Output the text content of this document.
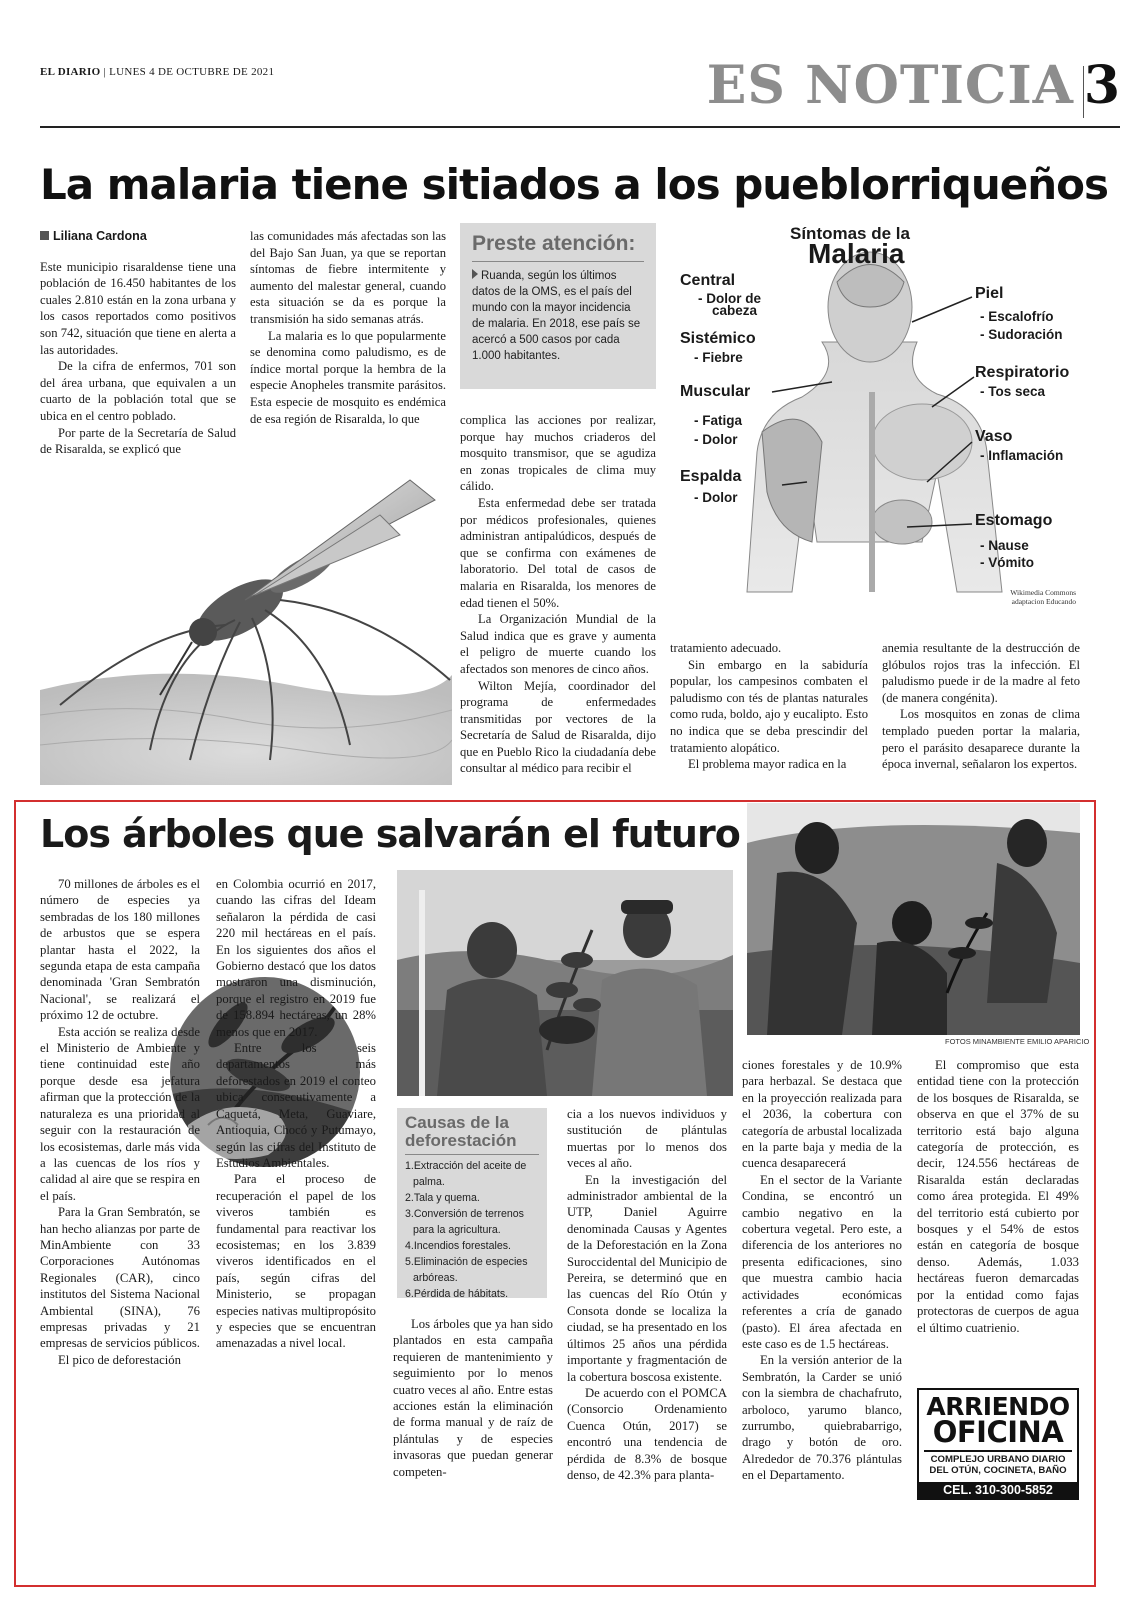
EL DIARIO | LUNES 4 DE OCTUBRE DE 2021	ES NOTICIA 3
La malaria tiene sitiados a los pueblorriqueños
Liliana Cardona

Este municipio risaraldense tiene una población de 16.450 habitantes de los cuales 2.810 están en la zona urbana y los casos reportados como positivos son 742, situación que tiene en alerta a las autoridades.

De la cifra de enfermos, 701 son del área urbana, que equivalen a un cuarto de la población total que se ubica en el centro poblado.

Por parte de la Secretaría de Salud de Risaralda, se explicó que

las comunidades más afectadas son las del Bajo San Juan, ya que se reportan síntomas de fiebre intermitente y aumento del malestar general, cuando esta situación se da es porque la transmisión ha sido semanas atrás.

La malaria es lo que popularmente se denomina como paludismo, es de índice mortal porque la hembra de la especie Anopheles transmite parásitos. Esta especie de mosquito es endémica de esa región de Risaralda, lo que

Preste atención:
Ruanda, según los últimos datos de la OMS, es el país del mundo con la mayor incidencia de malaria. En 2018, ese país se acercó a 500 casos por cada 1.000 habitantes.

complica las acciones por realizar, porque hay muchos criaderos del mosquito transmisor, que se agudiza en zonas tropicales de clima muy cálido.

Esta enfermedad debe ser tratada por médicos profesionales, quienes administran antipalúdicos, después de que se confirma con exámenes de laboratorio. Del total de casos de malaria en Risaralda, los menores de edad tienen el 50%.

La Organización Mundial de la Salud indica que es grave y aumenta el peligro de muerte cuando los afectados son menores de cinco años.

Wilton Mejía, coordinador del programa de enfermedades transmitidas por vectores de la Secretaría de Salud de Risaralda, dijo que en Pueblo Rico la ciudadanía debe consultar al médico para recibir el

tratamiento adecuado.

Sin embargo en la sabiduría popular, los campesinos combaten el paludismo con tés de plantas naturales como ruda, boldo, ajo y eucalipto. Esto no indica que se deba prescindir del tratamiento alopático.

El problema mayor radica en la

anemia resultante de la destrucción de glóbulos rojos tras la infección. El paludismo puede ir de la madre al feto (de manera congénita).

Los mosquitos en zonas de clima templado pueden portar la malaria, pero el parásito desaparece durante la época invernal, señalaron los expertos.

Síntomas de la
Malaria
Central
- Dolor de
cabeza
Sistémico
- Fiebre
Muscular
- Fatiga
- Dolor
Espalda
- Dolor
Piel
- Escalofrío
- Sudoración
Respiratorio
- Tos seca
Vaso
- Inflamación
Estomago
- Nause
- Vómito
Wikimedia Commons
adaptacion Educando
Los árboles que salvarán el futuro
FOTOS MINAMBIENTE EMILIO APARICIO

70 millones de árboles es el número de especies ya sembradas de los 180 millones de arbustos que se espera plantar hasta el 2022, la segunda etapa de esta campaña denominada 'Gran Sembratón Nacional', se realizará el próximo 12 de octubre.

Esta acción se realiza desde el Ministerio de Ambiente y tiene continuidad este año porque desde esa jefatura afirman que la protección de la naturaleza es una prioridad al seguir con la restauración de los ecosistemas, darle más vida a las cuencas de los ríos y calidad al aire que se respira en el país.

Para la Gran Sembratón, se han hecho alianzas por parte de MinAmbiente con 33 Corporaciones Autónomas Regionales (CAR), cinco institutos del Sistema Nacional Ambiental (SINA), 76 empresas privadas y 21 empresas de servicios públicos.

El pico de deforestación

en Colombia ocurrió en 2017, cuando las cifras del Ideam señalaron la pérdida de casi 220 mil hectáreas en el país. En los siguientes dos años el Gobierno destacó que los datos mostraron una disminución, porque el registro en 2019 fue de 158.894 hectáreas, un 28% menos que en 2017.

Entre los seis departamentos más deforestados en 2019 el conteo ubica consecutivamente a Caquetá, Meta, Guaviare, Antioquia, Chocó y Putumayo, según las cifras del Instituto de Estudios Ambientales.

Para el proceso de recuperación el papel de los viveros también es fundamental para reactivar los ecosistemas; en los 3.839 viveros identificados en el país, según cifras del Ministerio, se propagan especies nativas multipropósito y especies que se encuentran amenazadas a nivel local.

Causas de la deforestación
1.Extracción del aceite de
palma.
2.Tala y quema.
3.Conversión de terrenos
para la agricultura.
4.Incendios forestales.
5.Eliminación de especies
arbóreas.
6.Pérdida de hábitats.

Los árboles que ya han sido plantados en esta campaña requieren de mantenimiento y seguimiento por lo menos cuatro veces al año. Entre estas acciones están la eliminación de forma manual y de raíz de plántulas y de especies invasoras que puedan generar competen-

cia a los nuevos individuos y sustitución de plántulas muertas por lo menos dos veces al año.

En la investigación del administrador ambiental de la UTP, Daniel Aguirre denominada Causas y Agentes de la Deforestación en la Zona Suroccidental del Municipio de Pereira, se determinó que en las cuencas del Río Otún y Consota donde se localiza la ciudad, se ha presentado en los últimos 25 años una pérdida importante y fragmentación de la cobertura boscosa existente.

De acuerdo con el POMCA (Consorcio Ordenamiento Cuenca Otún, 2017) se encontró una tendencia de pérdida de 8.3% de bosque denso, de 42.3% para planta-

ciones forestales y de 10.9% para herbazal. Se destaca que en la proyección realizada para el 2036, la cobertura con categoría de arbustal localizada en la parte baja y media de la cuenca desaparecerá

En el sector de la Variante Condina, se encontró un cambio negativo en la cobertura vegetal. Pero este, a diferencia de los anteriores no presenta edificaciones, sino que muestra cambio hacia actividades económicas referentes a cría de ganado (pasto). El área afectada en este caso es de 1.5 hectáreas.

En la versión anterior de la Sembratón, la Carder se unió con la siembra de chachafruto, arboloco, yarumo blanco, zurrumbo, quiebrabarrigo, drago y botón de oro. Alrededor de 70.376 plántulas en el Departamento.

El compromiso que esta entidad tiene con la protección de los bosques de Risaralda, se observa en que el 37% de su territorio está bajo alguna categoría de protección, es decir, 124.556 hectáreas de Risaralda están declaradas como área protegida. El 49% del territorio está cubierto por bosques y el 54% de estos están en categoría de bosque denso. Además, 1.033 hectáreas fueron demarcadas por la entidad como fajas protectoras de cuerpos de agua el último cuatrienio.

ARRIENDO
OFICINA
COMPLEJO URBANO DIARIO DEL OTÚN, COCINETA, BAÑO
CEL. 310-300-5852
